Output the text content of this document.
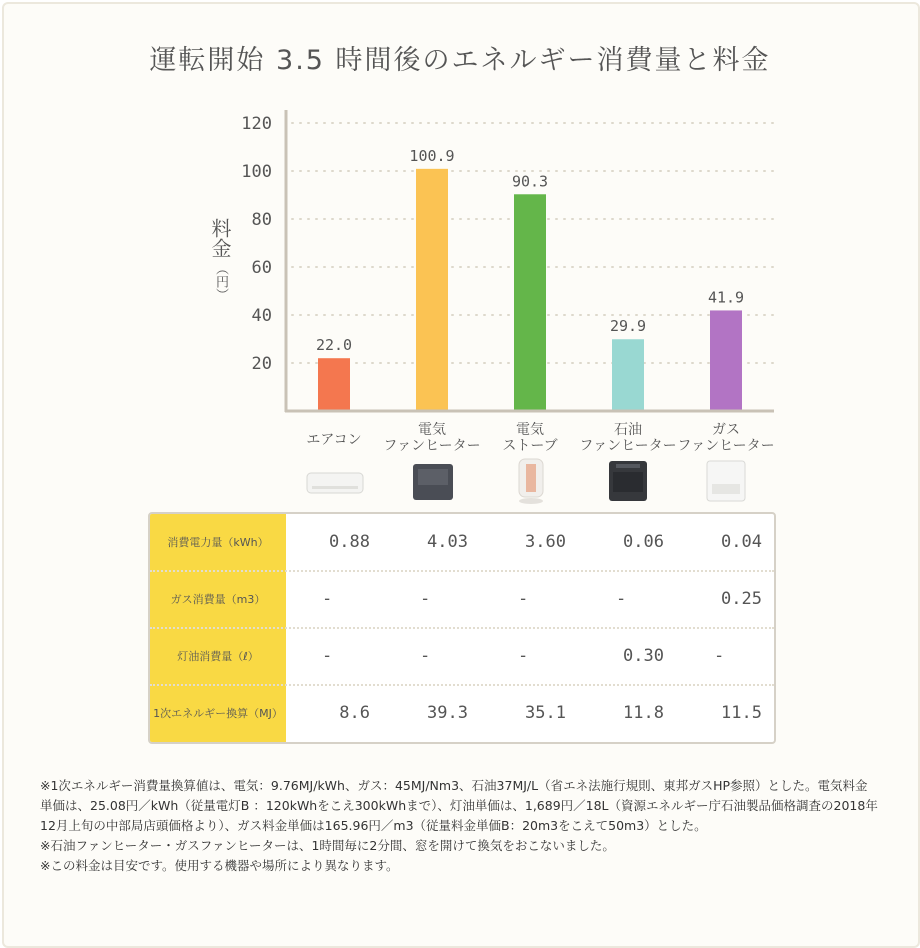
運転開始 3.5 時間後のエネルギー消費量と料金
20
40
60
80
100
120
22.0
100.9
90.3
29.9
41.9
料金
（円）
エアコン
電気
ファンヒーター
電気
ストーブ
石油
ファンヒーター
ガス
ファンヒーター
消費電力量（kWh）	0.88	4.03	3.60	0.06	0.04
ガス消費量（m3）	-	-	-	-	0.25
灯油消費量（ℓ）	-	-	-	0.30	-
1次エネルギー換算（MJ）	8.6	39.3	35.1	11.8	11.5

※1次エネルギー消費量換算値は、電気：9.76MJ/kWh、ガス：45MJ/Nm3、石油37MJ/L（省エネ法施行規則、東邦ガスHP参照）とした。電気料金単価は、25.08円／kWh（従量電灯B ：120kWhをこえ300kWhまで）、灯油単価は、1,689円／18L（資源エネルギー庁石油製品価格調査の2018年12月上旬の中部局店頭価格より）、ガス料金単価は165.96円／m3（従量料金単価B：20m3をこえて50m3）とした。

※石油ファンヒーター・ガスファンヒーターは、1時間毎に2分間、窓を開けて換気をおこないました。

※この料金は目安です。使用する機器や場所により異なります。
